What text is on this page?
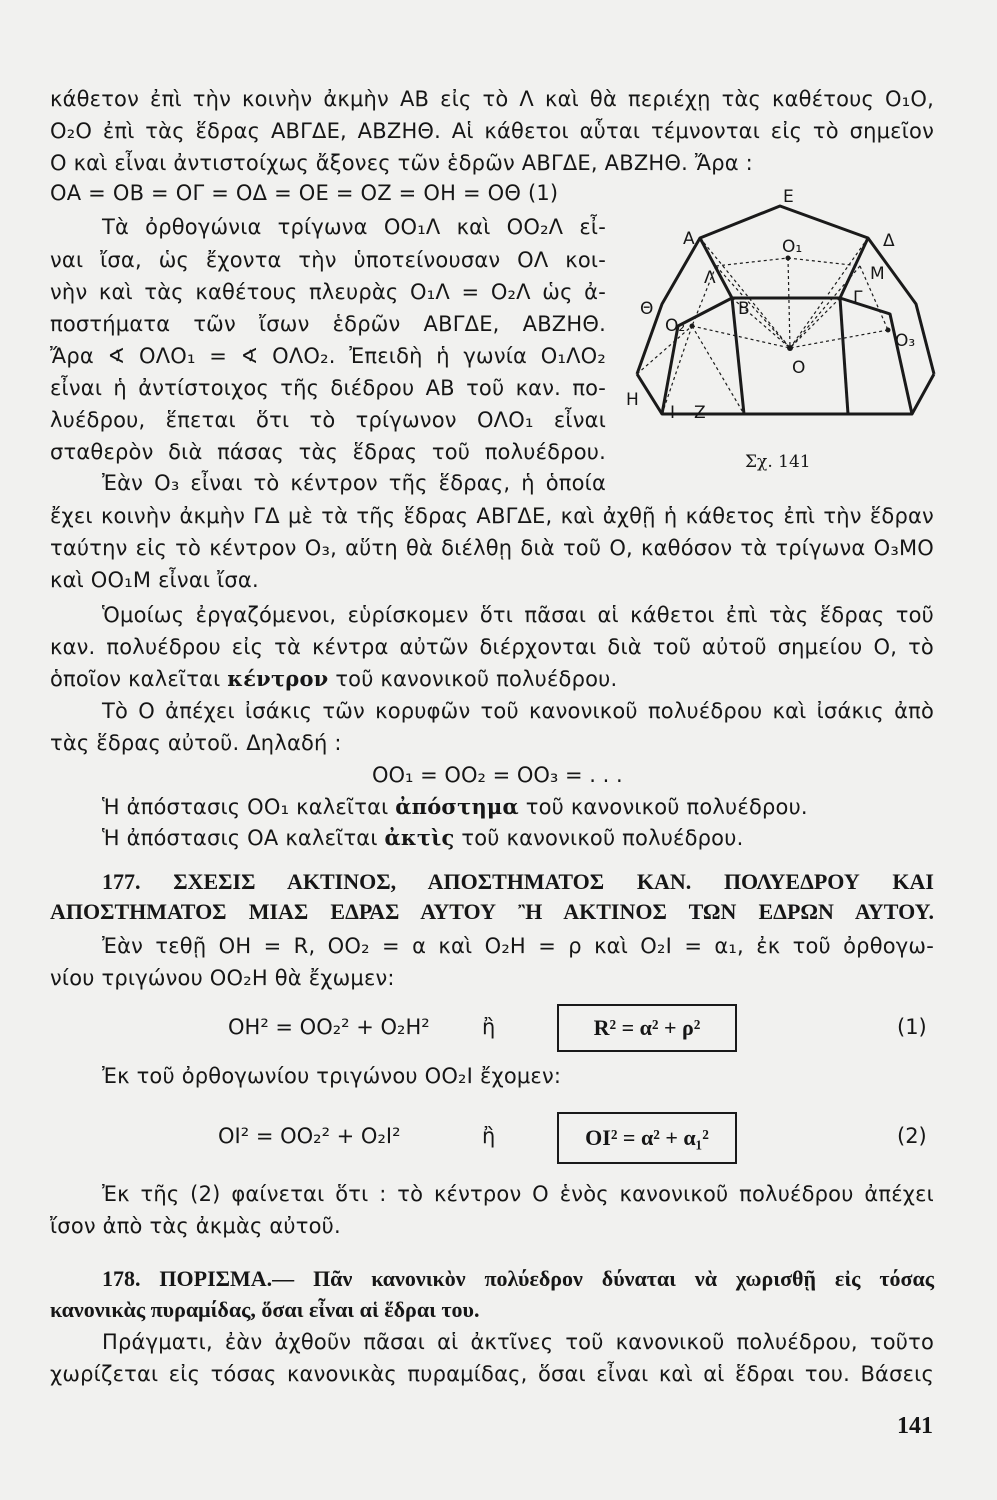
κάθετον ἐπὶ τὴν κοινὴν ἀκμὴν ΑΒ εἰς τὸ Λ καὶ θὰ περιέχῃ τὰς καθέτους Ο₁Ο,
Ο₂Ο ἐπὶ τὰς ἕδρας ΑΒΓΔΕ, ΑΒΖΗΘ. Αἱ κάθετοι αὗται τέμνονται εἰς τὸ σημεῖον
Ο καὶ εἶναι ἀντιστοίχως ἄξονες τῶν ἑδρῶν ΑΒΓΔΕ, ΑΒΖΗΘ. Ἄρα :
ΟΑ = ΟΒ = ΟΓ = ΟΔ = ΟΕ = ΟΖ = ΟΗ = ΟΘ (1)
Τὰ ὀρθογώνια τρίγωνα ΟΟ₁Λ καὶ ΟΟ₂Λ εἶ-
ναι ἴσα, ὡς ἔχοντα τὴν ὑποτείνουσαν ΟΛ κοι-
νὴν καὶ τὰς καθέτους πλευρὰς Ο₁Λ = Ο₂Λ ὡς ἀ-
ποστήματα τῶν ἴσων ἑδρῶν ΑΒΓΔΕ, ΑΒΖΗΘ.
Ἄρα ∢ ΟΛΟ₁ = ∢ ΟΛΟ₂. Ἐπειδὴ ἡ γωνία Ο₁ΛΟ₂
εἶναι ἡ ἀντίστοιχος τῆς διέδρου ΑΒ τοῦ καν. πο-
λυέδρου, ἕπεται ὅτι τὸ τρίγωνον ΟΛΟ₁ εἶναι
σταθερὸν διὰ πάσας τὰς ἕδρας τοῦ πολυέδρου.
Ἐὰν Ο₃ εἶναι τὸ κέντρον τῆς ἕδρας, ἡ ὁποία
ἔχει κοινὴν ἀκμὴν ΓΔ μὲ τὰ τῆς ἕδρας ΑΒΓΔΕ, καὶ ἀχθῇ ἡ κάθετος ἐπὶ τὴν ἕδραν
ταύτην εἰς τὸ κέντρον Ο₃, αὕτη θὰ διέλθῃ διὰ τοῦ Ο, καθόσον τὰ τρίγωνα Ο₃ΜΟ
καὶ ΟΟ₁Μ εἶναι ἴσα.
Ὁμοίως ἐργαζόμενοι, εὑρίσκομεν ὅτι πᾶσαι αἱ κάθετοι ἐπὶ τὰς ἕδρας τοῦ
καν. πολυέδρου εἰς τὰ κέντρα αὐτῶν διέρχονται διὰ τοῦ αὐτοῦ σημείου Ο, τὸ
ὁποῖον καλεῖται κέντρον τοῦ κανονικοῦ πολυέδρου.
Τὸ Ο ἀπέχει ἰσάκις τῶν κορυφῶν τοῦ κανονικοῦ πολυέδρου καὶ ἰσάκις ἀπὸ
τὰς ἕδρας αὐτοῦ. Δηλαδή :
ΟΟ₁ = ΟΟ₂ = ΟΟ₃ = . . .
Ἡ ἀπόστασις ΟΟ₁ καλεῖται ἀπόστημα τοῦ κανονικοῦ πολυέδρου.
Ἡ ἀπόστασις ΟΑ καλεῖται ἀκτὶς τοῦ κανονικοῦ πολυέδρου.
177. ΣΧΕΣΙΣ ΑΚΤΙΝΟΣ, ΑΠΟΣΤΗΜΑΤΟΣ ΚΑΝ. ΠΟΛΥΕΔΡΟΥ ΚΑΙ
ΑΠΟΣΤΗΜΑΤΟΣ ΜΙΑΣ ΕΔΡΑΣ ΑΥΤΟΥ Ἢ ΑΚΤΙΝΟΣ ΤΩΝ ΕΔΡΩΝ ΑΥΤΟΥ.
Ἐὰν τεθῇ ΟΗ = R, ΟΟ₂ = α καὶ Ο₂Η = ρ καὶ Ο₂Ι = α₁, ἐκ τοῦ ὀρθογω-
νίου τριγώνου ΟΟ₂Η θὰ ἔχωμεν:
ΟΗ² = ΟΟ₂² + Ο₂Η² ἢ	R² = α² + ρ²	(1)
Ἐκ τοῦ ὀρθογωνίου τριγώνου ΟΟ₂Ι ἔχομεν:
ΟΙ² = ΟΟ₂² + Ο₂Ι²	ἢ	ΟΙ² = α² + α₁²	(2)
Ἐκ τῆς (2) φαίνεται ὅτι : τὸ κέντρον Ο ἑνὸς κανονικοῦ πολυέδρου ἀπέχει
ἴσον ἀπὸ τὰς ἀκμὰς αὐτοῦ.
178. ΠΟΡΙΣΜΑ.— Πᾶν κανονικὸν πολύεδρον δύναται νὰ χωρισθῇ εἰς τόσας
κανονικὰς πυραμίδας, ὅσαι εἶναι αἱ ἕδραι του.
Πράγματι, ἐὰν ἀχθοῦν πᾶσαι αἱ ἀκτῖνες τοῦ κανονικοῦ πολυέδρου, τοῦτο
χωρίζεται εἰς τόσας κανονικὰς πυραμίδας, ὅσαι εἶναι καὶ αἱ ἕδραι του. Βάσεις
Ε
Α	Δ
Ο₁
Λ	Μ
Θ
Ο₂
Β
Γ
Ο₃
Ο
Η
Ι Ζ
Σχ. 141
141
